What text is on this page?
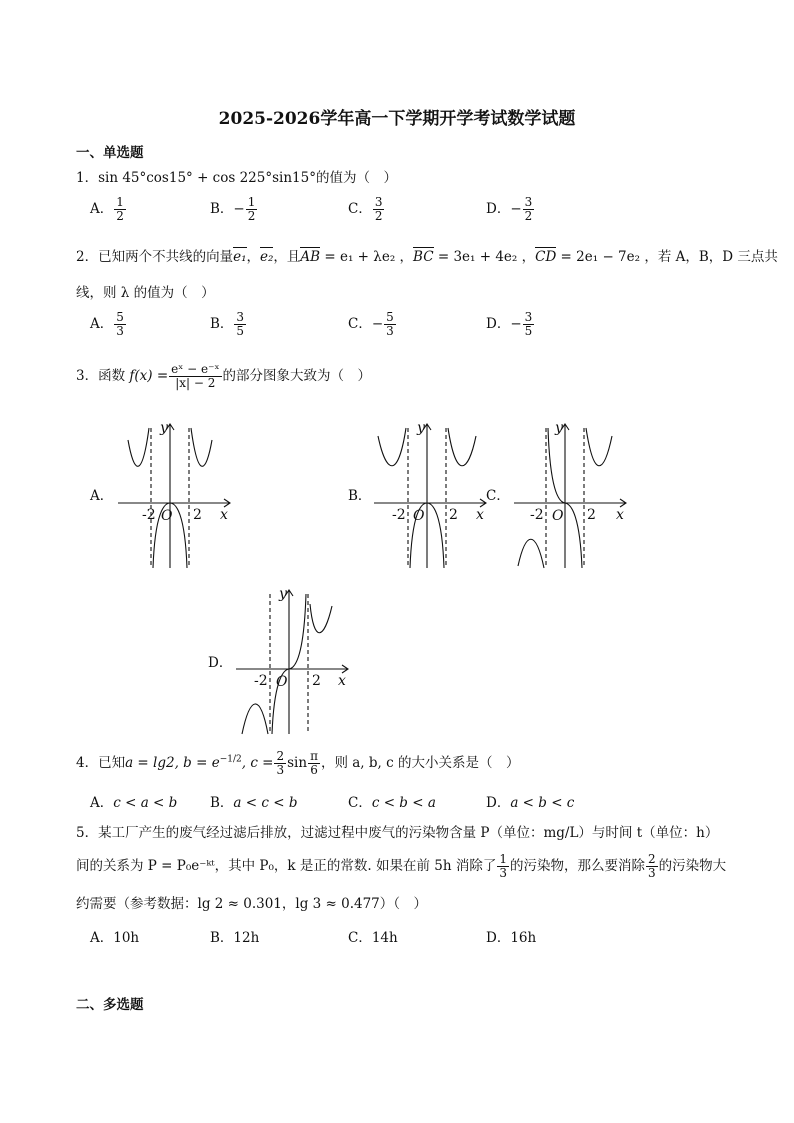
2025-2026学年高一下学期开学考试数学试题
一、单选题
1．sin 45°cos15° + cos 225°sin15°的值为（　）
A． $\frac{1}{2}$	B．− $\frac{1}{2}$	C． $\frac{3}{2}$	D．− $\frac{3}{2}$
2．已知两个不共线的向量e₁，e₂，且AB = e₁ + λe₂ ，BC = 3e₁ + 4e₂ ，CD = 2e₁ − 7e₂ ，若 A，B，D 三点共
线，则 λ 的值为（　）
A． $\frac{5}{3}$	B． $\frac{3}{5}$	C．− $\frac{5}{3}$	D．− $\frac{3}{5}$
3．函数 $f(x) = \frac{\text{eˣ − e⁻ˣ}}{|x| - 2}$ 的部分图象大致为（　）
A．	B．	C．
D．
-2 O 2 x
y
-2 O 2 x
y
-2 O 2 x
y
-2 O 2 x
y
4．已知a = lg2, $b = e^{-1/2}$, $c = \frac{2}{3}$ $\sin \frac{\pi}{6}$ ，则 a, b, c 的大小关系是（　）
A．c < a < b B．a < c < b	C．c < b < a	D．a < b < c
5．某工厂产生的废气经过滤后排放，过滤过程中废气的污染物含量 P（单位：mg/L）与时间 t（单位：h）
间的关系为 P = P₀e⁻ᵏᵗ，其中 P₀，k 是正的常数. 如果在前 5h 消除了 $\frac{1}{3}$ 的污染物，那么要消除 $\frac{2}{3}$ 的污染物大
约需要（参考数据：lg 2 ≈ 0.301，lg 3 ≈ 0.477）（　）
A．10h	B．12h	C．14h	D．16h
二、多选题
